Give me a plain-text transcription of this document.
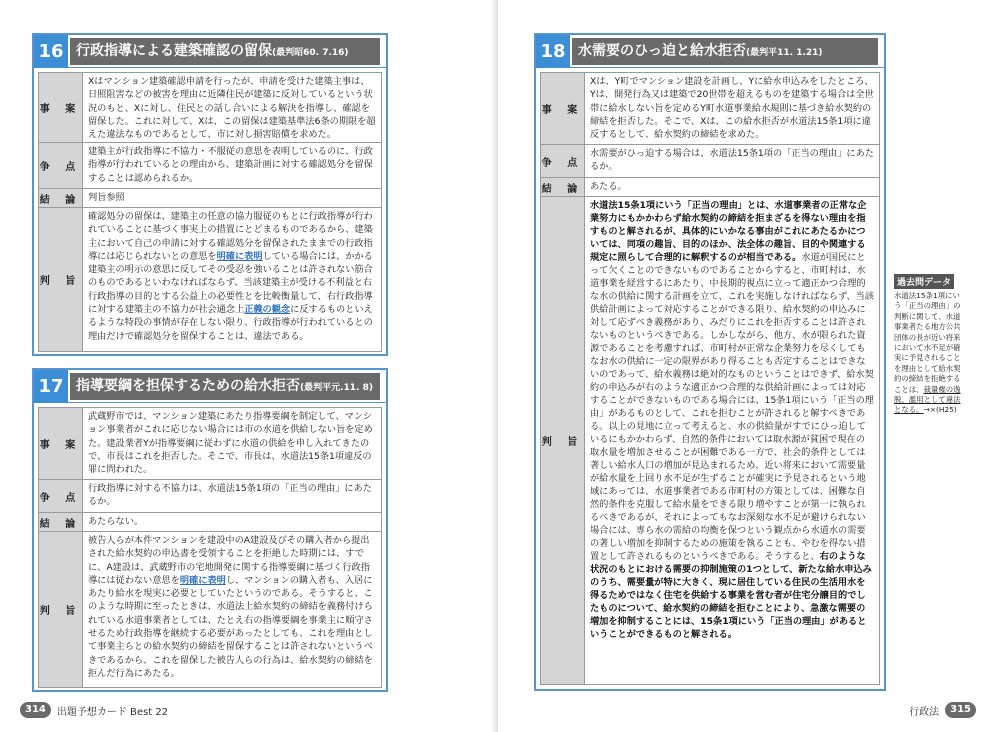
16 行政指導による建築確認の留保(最判昭60. 7.16)
事 案
Xはマンション建築確認申請を行ったが、申請を受けた建築主事は、日照阻害などの被害を理由に近隣住民が建築に反対しているという状況のもと、Xに対し、住民との話し合いによる解決を指導し、確認を留保した。これに対して、Xは、この留保は建築基準法6条の期限を超えた違法なものであるとして、市に対し損害賠償を求めた。
争 点
建築主が行政指導に不協力・不服従の意思を表明しているのに、行政指導が行われているとの理由から、建築計画に対する確認処分を留保することは認められるか。
結 論 判旨参照
判 旨
確認処分の留保は、建築主の任意の協力服従のもとに行政指導が行われていることに基づく事実上の措置にとどまるものであるから、建築主において自己の申請に対する確認処分を留保されたままでの行政指導には応じられないとの意思を明確に表明している場合には、かかる建築主の明示の意思に反してその受忍を強いることは許されない筋合のものであるといわなければならず、当該建築主が受ける不利益と右行政指導の目的とする公益上の必要性とを比較衡量して、右行政指導に対する建築主の不協力が社会通念上正義の観念に反するものといえるような特段の事情が存在しない限り、行政指導が行われているとの理由だけで確認処分を留保することは、違法である。
17 指導要綱を担保するための給水拒否(最判平元.11. 8)
事 案
武蔵野市では、マンション建築にあたり指導要綱を制定して、マンション事業者がこれに応じない場合には市の水道を供給しない旨を定めた。建設業者Yが指導要綱に従わずに水道の供給を申し入れてきたので、市長はこれを拒否した。そこで、市長は、水道法15条1項違反の罪に問われた。
争 点
行政指導に対する不協力は、水道法15条1項の「正当の理由」にあたるか。
結 論 あたらない。
判 旨
被告人らが本件マンションを建設中のA建設及びその購入者から提出された給水契約の申込書を受領することを拒絶した時期には、すでに、A建設は、武蔵野市の宅地開発に関する指導要綱に基づく行政指導には従わない意思を明確に表明し、マンションの購入者も、入居にあたり給水を現実に必要としていたというのである。そうすると、このような時期に至ったときは、水道法上給水契約の締結を義務付けられている水道事業者としては、たとえ右の指導要綱を事業主に順守させるため行政指導を継続する必要があったとしても、これを理由として事業主らとの給水契約の締結を留保することは許されないというべきであるから、これを留保した被告人らの行為は、給水契約の締結を拒んだ行為にあたる。
314	出題予想カード Best 22
18 水需要のひっ迫と給水拒否(最判平11. 1.21)
事 案
Xは、Y町でマンション建設を計画し、Yに給水申込みをしたところ、Yは、開発行為又は建築で20世帯を超えるものを建築する場合は全世帯に給水しない旨を定めるY町水道事業給水規則に基づき給水契約の締結を拒否した。そこで、Xは、この給水拒否が水道法15条1項に違反するとして、給水契約の締結を求めた。
争 点
水需要がひっ迫する場合は、水道法15条1項の「正当の理由」にあたるか。
結 論 あたる。
判 旨
水道法15条1項にいう「正当の理由」とは、水道事業者の正常な企業努力にもかかわらず給水契約の締結を拒まざるを得ない理由を指すものと解されるが、具体的にいかなる事由がこれにあたるかについては、同項の趣旨、目的のほか、法全体の趣旨、目的や関連する規定に照らして合理的に解釈するのが相当である。水道が国民にとって欠くことのできないものであることからすると、市町村は、水道事業を経営するにあたり、中長期的視点に立って適正かつ合理的な水の供給に関する計画を立て、これを実施しなければならず、当該供給計画によって対応することができる限り、給水契約の申込みに対して応ずべき義務があり、みだりにこれを拒否することは許されないものというべきである。しかしながら、他方、水が限られた資源であることを考慮すれば、市町村が正常な企業努力を尽くしてもなお水の供給に一定の限界があり得ることも否定することはできないのであって、給水義務は絶対的なものということはできず、給水契約の申込みが右のような適正かつ合理的な供給計画によっては対応することができないものである場合には、15条1項にいう「正当の理由」があるものとして、これを拒むことが許されると解すべきである。以上の見地に立って考えると、水の供給量がすでにひっ迫しているにもかかわらず、自然的条件においては取水源が貧困で現在の取水量を増加させることが困難である一方で、社会的条件としては著しい給水人口の増加が見込まれるため、近い将来において需要量が給水量を上回り水不足が生ずることが確実に予見されるという地域にあっては、水道事業者である市町村の方策としては、困難な自然的条件を克服して給水量をできる限り増やすことが第一に執られるべきであるが、それによってもなお深刻な水不足が避けられない場合には、専ら水の需給の均衡を保つという観点から水道水の需要の著しい増加を抑制するための施策を執ることも、やむを得ない措置として許されるものというべきである。そうすると、右のような状況のもとにおける需要の抑制施策の1つとして、新たな給水申込みのうち、需要量が特に大きく、現に居住している住民の生活用水を得るためではなく住宅を供給する事業を営む者が住宅分譲目的でしたものについて、給水契約の締結を拒むことにより、急激な需要の増加を抑制することには、15条1項にいう「正当の理由」があるということができるものと解される。
過去問データ
水道法15条1項にいう「正当の理由」の判断に関して、水道事業者たる地方公共団体の長が近い将来において水不足が確実に予見されることを理由として給水契約の締結を拒絶することは、裁量権の逸脱、濫用として違法となる。→×(H25)
行政法	315
